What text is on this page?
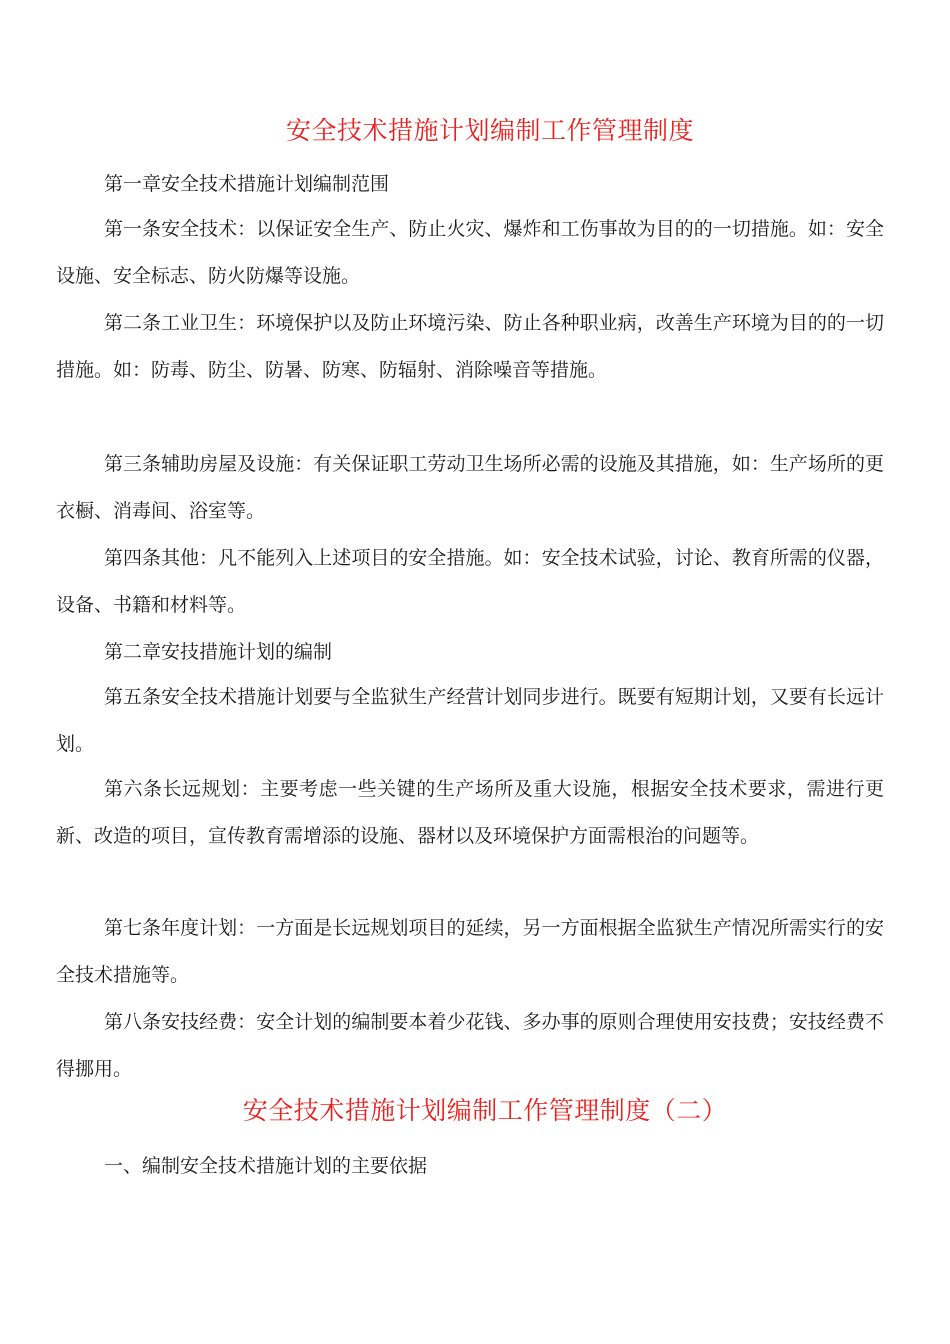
安全技术措施计划编制工作管理制度
第一章安全技术措施计划编制范围
第一条安全技术：以保证安全生产、防止火灾、爆炸和工伤事故为目的的一切措施。如：安全设施、安全标志、防火防爆等设施。
第二条工业卫生：环境保护以及防止环境污染、防止各种职业病，改善生产环境为目的的一切措施。如：防毒、防尘、防暑、防寒、防辐射、消除噪音等措施。
第三条辅助房屋及设施：有关保证职工劳动卫生场所必需的设施及其措施，如：生产场所的更衣橱、消毒间、浴室等。
第四条其他：凡不能列入上述项目的安全措施。如：安全技术试验，讨论、教育所需的仪器，设备、书籍和材料等。
第二章安技措施计划的编制
第五条安全技术措施计划要与全监狱生产经营计划同步进行。既要有短期计划，又要有长远计划。
第六条长远规划：主要考虑一些关键的生产场所及重大设施，根据安全技术要求，需进行更新、改造的项目，宣传教育需增添的设施、器材以及环境保护方面需根治的问题等。
第七条年度计划：一方面是长远规划项目的延续，另一方面根据全监狱生产情况所需实行的安全技术措施等。
第八条安技经费：安全计划的编制要本着少花钱、多办事的原则合理使用安技费；安技经费不得挪用。
安全技术措施计划编制工作管理制度（二）
一、编制安全技术措施计划的主要依据
